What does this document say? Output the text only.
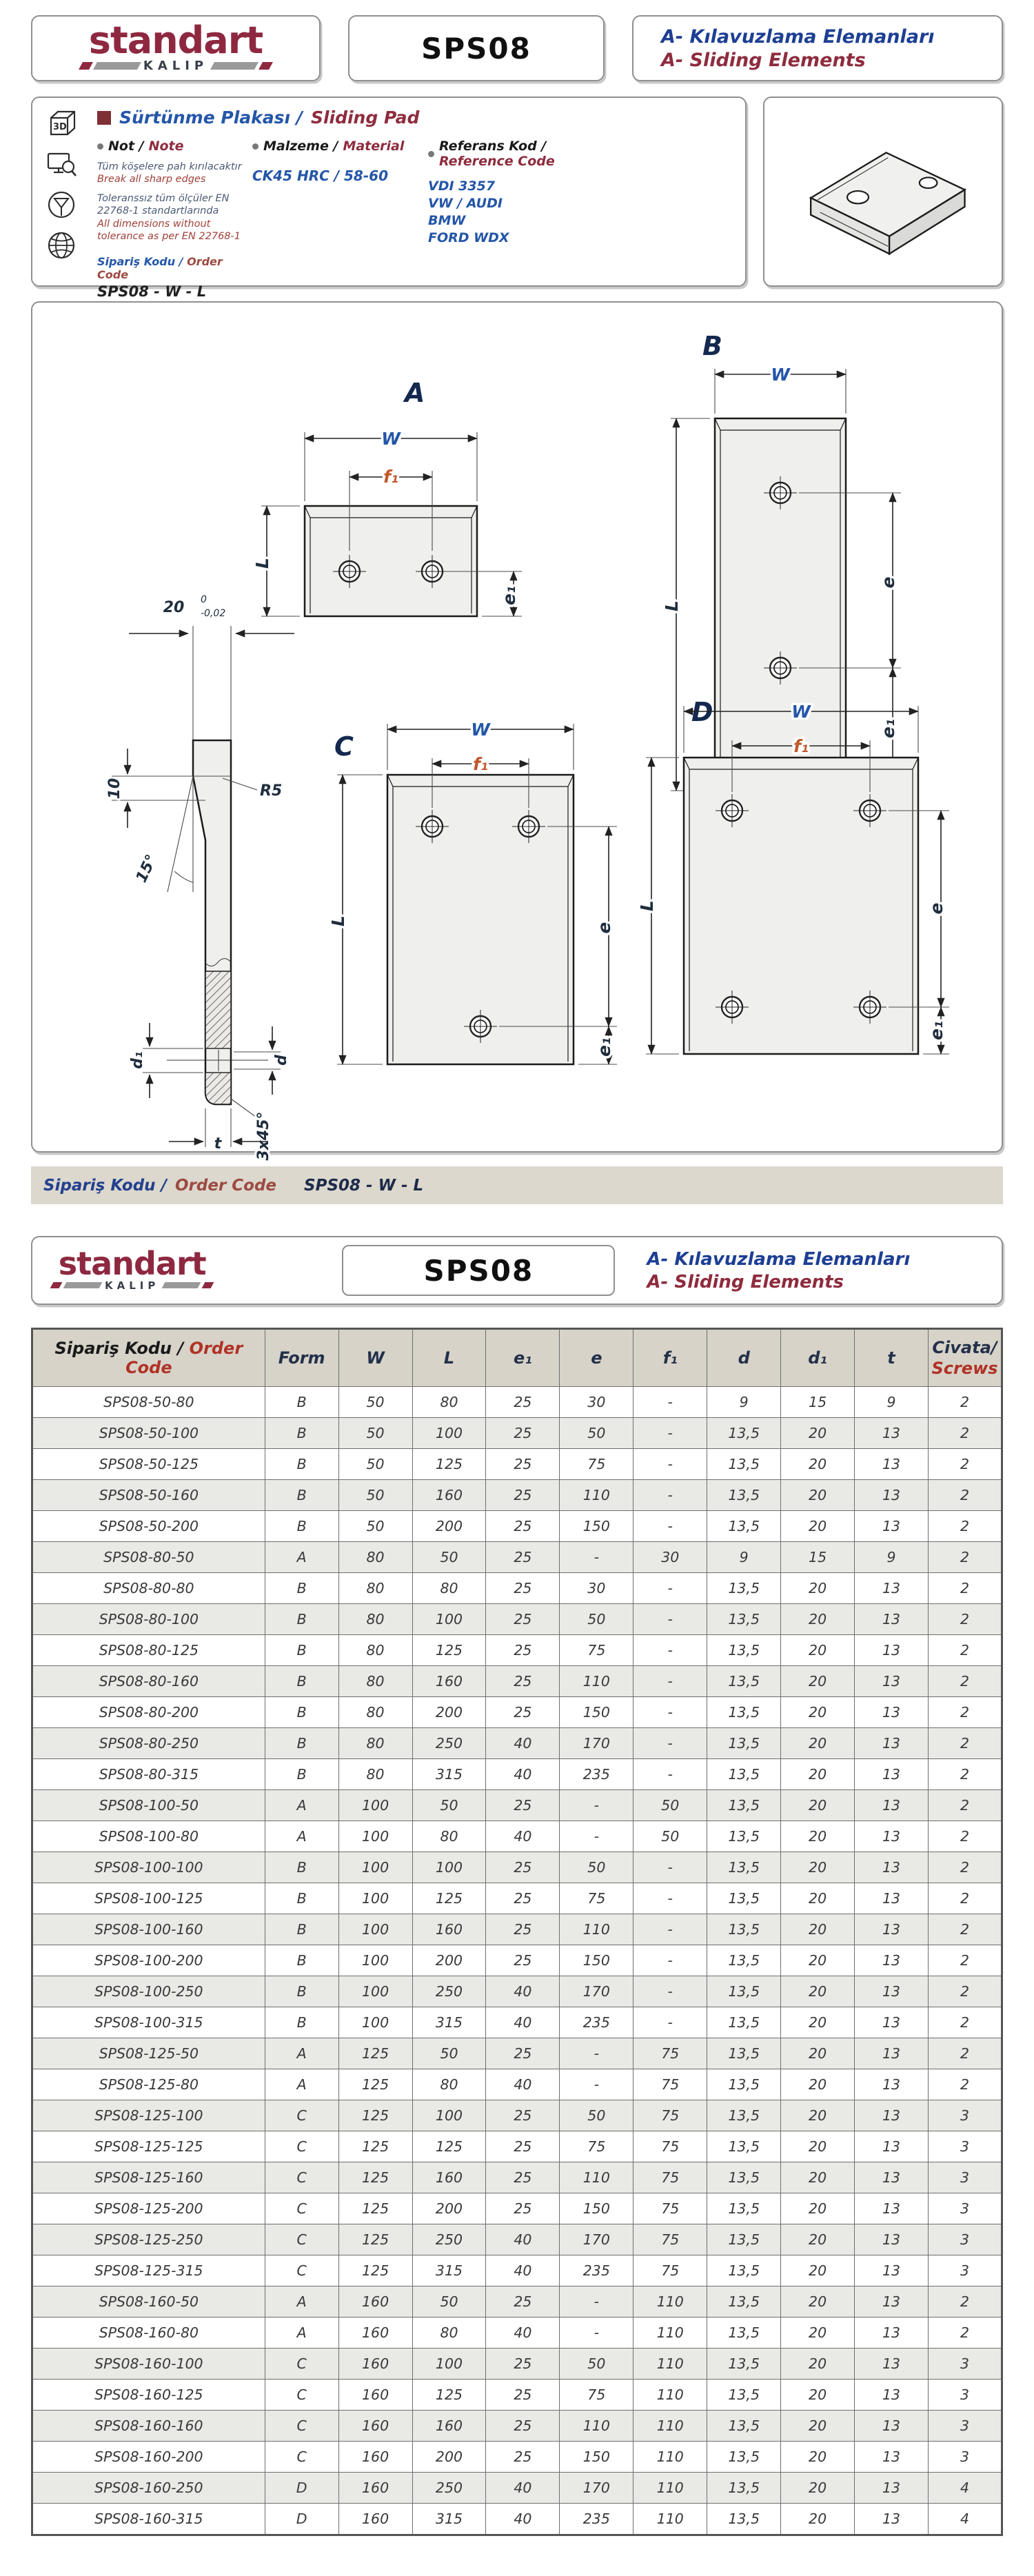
standart
KALIP
SPS08	A- Kılavuzlama Elemanları
A- Sliding Elements
3D	Sürtünme Plakası / Sliding Pad
Not / Note

Tüm köşelere pah kırılacaktır

Break all sharp edges

Toleranssız tüm ölçüler EN 22768-1 standartlarında

All dimensions without tolerance as per EN 22768-1

Sipariş Kodu / Order Code
SPS08 - W - L
Malzeme / Material
CK45 HRC / 58-60
Referans Kod /
Reference Code

VDI 3357

VW / AUDI

BMW

FORD WDX

A
W
f₁
L
e₁
B
W
L
e
e₁
20 0
-0,02
10	R5
15°
d₁	d
3x45°
t
C
W
f₁
L
e
e₁
D	W
f₁
L	e
e₁
Sipariş Kodu / Order Code SPS08 - W - L
standart
KALIP	SPS08	A- Kılavuzlama Elemanları
A- Sliding Elements
Sipariş Kodu / Order Code	Form	W	L	e₁	e	f₁	d	d₁	t	Civata/
Screws

SPS08-50-80	B	50	80	25	30	-	9	15	9	2
SPS08-50-100	B	50	100	25	50	-	13,5	20	13	2
SPS08-50-125	B	50	125	25	75	-	13,5	20	13	2
SPS08-50-160	B	50	160	25	110	-	13,5	20	13	2
SPS08-50-200	B	50	200	25	150	-	13,5	20	13	2
SPS08-80-50	A	80	50	25	-	30	9	15	9	2
SPS08-80-80	B	80	80	25	30	-	13,5	20	13	2
SPS08-80-100	B	80	100	25	50	-	13,5	20	13	2
SPS08-80-125	B	80	125	25	75	-	13,5	20	13	2
SPS08-80-160	B	80	160	25	110	-	13,5	20	13	2
SPS08-80-200	B	80	200	25	150	-	13,5	20	13	2
SPS08-80-250	B	80	250	40	170	-	13,5	20	13	2
SPS08-80-315	B	80	315	40	235	-	13,5	20	13	2
SPS08-100-50	A	100	50	25	-	50	13,5	20	13	2
SPS08-100-80	A	100	80	40	-	50	13,5	20	13	2
SPS08-100-100	B	100	100	25	50	-	13,5	20	13	2
SPS08-100-125	B	100	125	25	75	-	13,5	20	13	2
SPS08-100-160	B	100	160	25	110	-	13,5	20	13	2
SPS08-100-200	B	100	200	25	150	-	13,5	20	13	2
SPS08-100-250	B	100	250	40	170	-	13,5	20	13	2
SPS08-100-315	B	100	315	40	235	-	13,5	20	13	2
SPS08-125-50	A	125	50	25	-	75	13,5	20	13	2
SPS08-125-80	A	125	80	40	-	75	13,5	20	13	2
SPS08-125-100	C	125	100	25	50	75	13,5	20	13	3
SPS08-125-125	C	125	125	25	75	75	13,5	20	13	3
SPS08-125-160	C	125	160	25	110	75	13,5	20	13	3
SPS08-125-200	C	125	200	25	150	75	13,5	20	13	3
SPS08-125-250	C	125	250	40	170	75	13,5	20	13	3
SPS08-125-315	C	125	315	40	235	75	13,5	20	13	3
SPS08-160-50	A	160	50	25	-	110	13,5	20	13	2
SPS08-160-80	A	160	80	40	-	110	13,5	20	13	2
SPS08-160-100	C	160	100	25	50	110	13,5	20	13	3
SPS08-160-125	C	160	125	25	75	110	13,5	20	13	3
SPS08-160-160	C	160	160	25	110	110	13,5	20	13	3
SPS08-160-200	C	160	200	25	150	110	13,5	20	13	3
SPS08-160-250	D	160	250	40	170	110	13,5	20	13	4
SPS08-160-315	D	160	315	40	235	110	13,5	20	13	4
